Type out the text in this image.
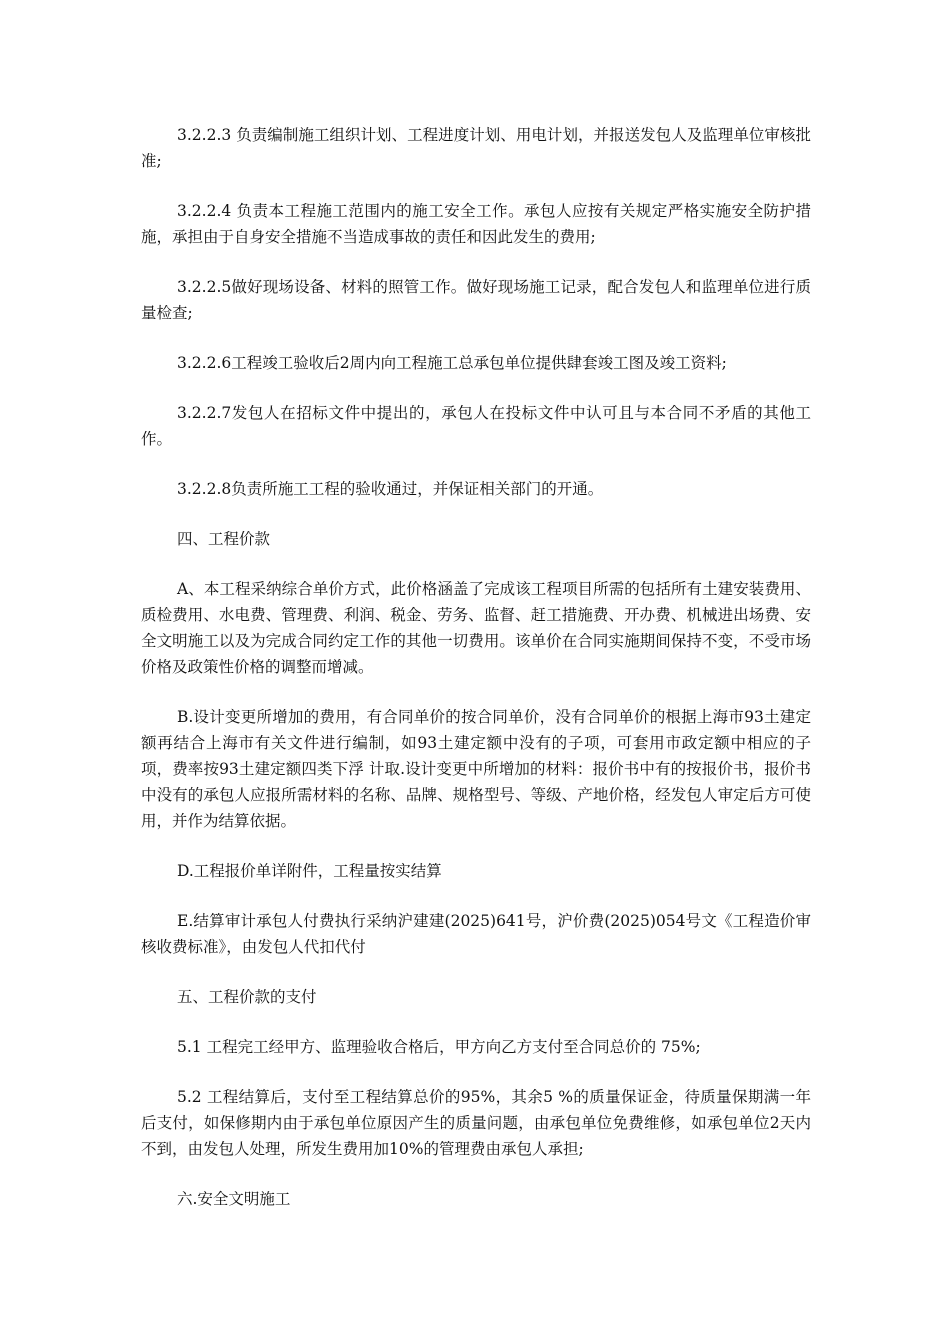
3.2.2.3 负责编制施工组织计划、工程进度计划、用电计划，并报送发包人及监理单位审核批准;

3.2.2.4 负责本工程施工范围内的施工安全工作。承包人应按有关规定严格实施安全防护措施，承担由于自身安全措施不当造成事故的责任和因此发生的费用;

3.2.2.5做好现场设备、材料的照管工作。做好现场施工记录，配合发包人和监理单位进行质量检查;

3.2.2.6工程竣工验收后2周内向工程施工总承包单位提供肆套竣工图及竣工资料;

3.2.2.7发包人在招标文件中提出的，承包人在投标文件中认可且与本合同不矛盾的其他工作。

3.2.2.8负责所施工工程的验收通过，并保证相关部门的开通。

四、工程价款

A、本工程采纳综合单价方式，此价格涵盖了完成该工程项目所需的包括所有土建安装费用、质检费用、水电费、管理费、利润、税金、劳务、监督、赶工措施费、开办费、机械进出场费、安全文明施工以及为完成合同约定工作的其他一切费用。该单价在合同实施期间保持不变，不受市场价格及政策性价格的调整而增减。

B.设计变更所增加的费用，有合同单价的按合同单价，没有合同单价的根据上海市93土建定额再结合上海市有关文件进行编制，如93土建定额中没有的子项，可套用市政定额中相应的子项，费率按93土建定额四类下浮 计取.设计变更中所增加的材料：报价书中有的按报价书，报价书中没有的承包人应报所需材料的名称、品牌、规格型号、等级、产地价格，经发包人审定后方可使用，并作为结算依据。

D.工程报价单详附件，工程量按实结算

E.结算审计承包人付费执行采纳沪建建(2025)641号，沪价费(2025)054号文《工程造价审核收费标准》，由发包人代扣代付

五、工程价款的支付

5.1 工程完工经甲方、监理验收合格后，甲方向乙方支付至合同总价的 75%;

5.2 工程结算后，支付至工程结算总价的95%，其余5 %的质量保证金，待质量保期满一年后支付，如保修期内由于承包单位原因产生的质量问题，由承包单位免费维修，如承包单位2天内不到，由发包人处理，所发生费用加10%的管理费由承包人承担;

六.安全文明施工
